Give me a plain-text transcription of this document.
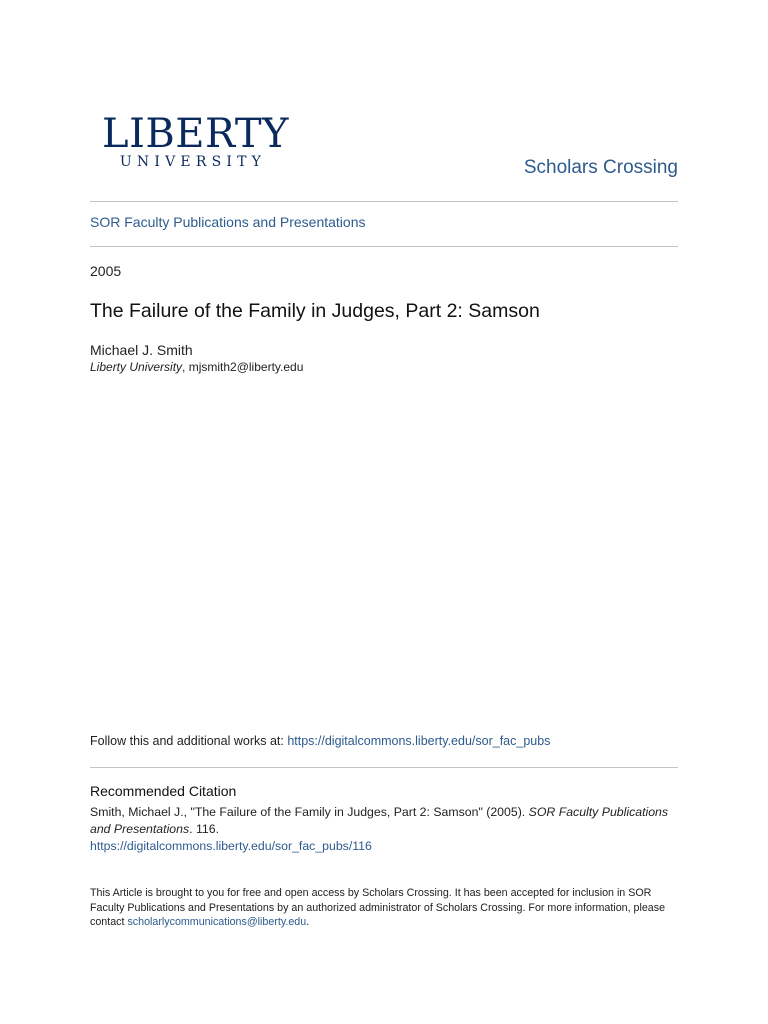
LIBERTY
UNIVERSITY	Scholars Crossing
SOR Faculty Publications and Presentations
2005
The Failure of the Family in Judges, Part 2: Samson
Michael J. Smith
Liberty University, mjsmith2@liberty.edu
Follow this and additional works at: https://digitalcommons.liberty.edu/sor_fac_pubs
Recommended Citation
Smith, Michael J., "The Failure of the Family in Judges, Part 2: Samson" (2005). SOR Faculty Publications and Presentations. 116.
https://digitalcommons.liberty.edu/sor_fac_pubs/116
This Article is brought to you for free and open access by Scholars Crossing. It has been accepted for inclusion in SOR Faculty Publications and Presentations by an authorized administrator of Scholars Crossing. For more information, please contact scholarlycommunications@liberty.edu.
